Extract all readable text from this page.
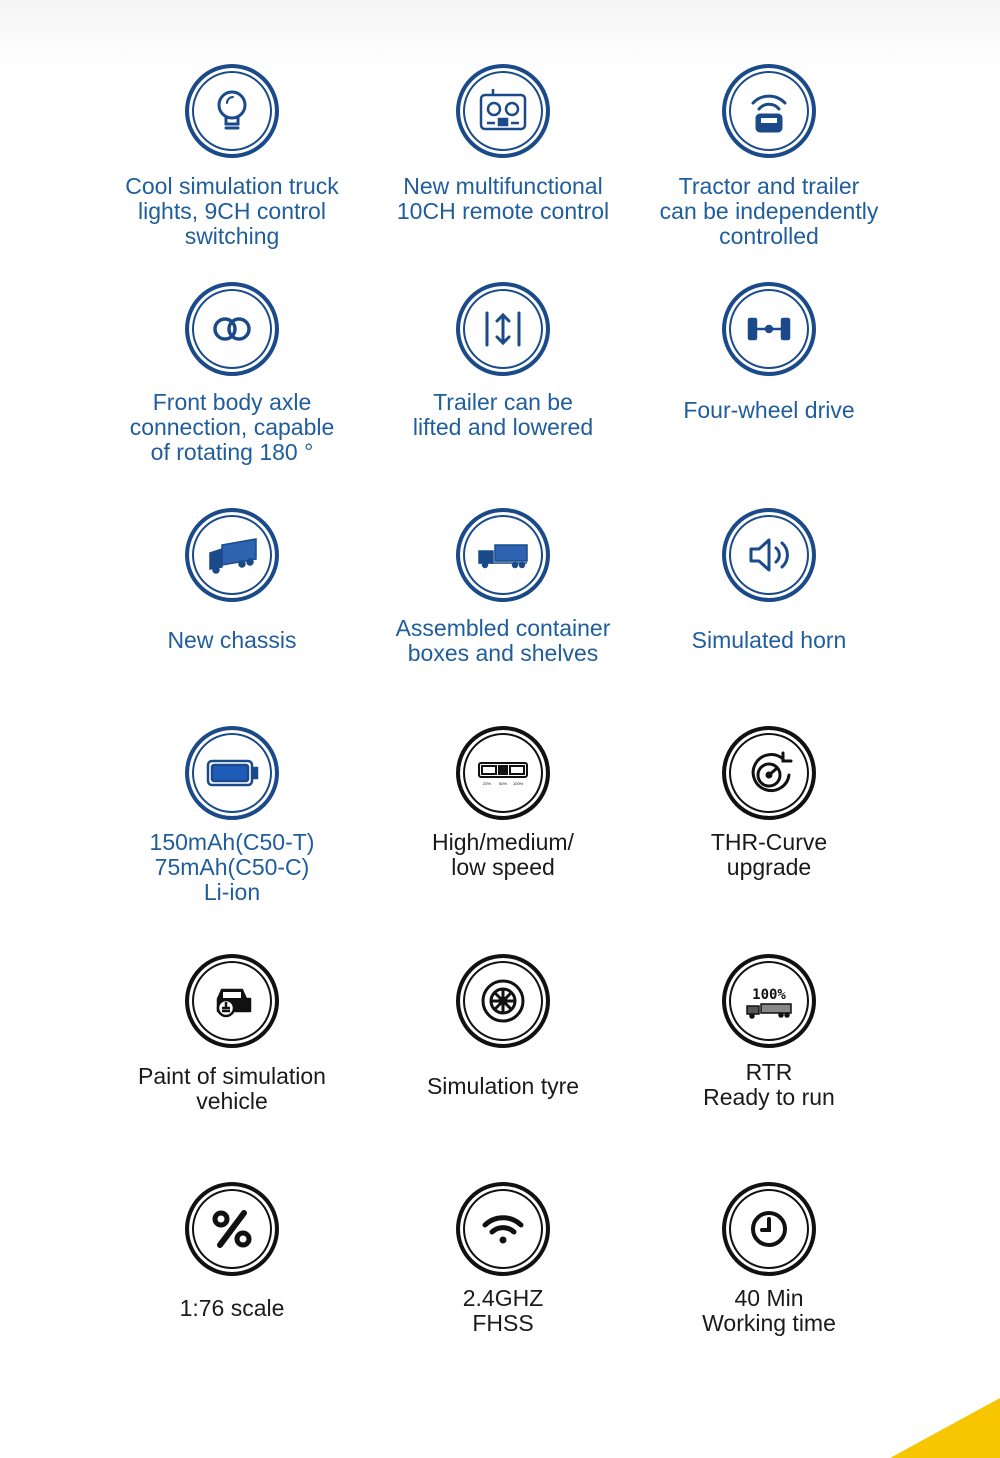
Cool simulation truck
lights, 9CH control
switching
New multifunctional
10CH remote control
Tractor and trailer
can be independently
controlled
Front body axle
connection, capable
of rotating 180 °
Trailer can be
lifted and lowered
Four-wheel drive
New chassis	Assembled container
boxes and shelves	Simulated horn
150mAh(C50-T)
75mAh(C50-C)
Li-ion
20% 50% 100%
High/medium/
low speed
THR-Curve
upgrade
Paint of simulation
vehicle
Simulation tyre
100%
RTR
Ready to run
1:76 scale	2.4GHZ
FHSS
40 Min
Working time
